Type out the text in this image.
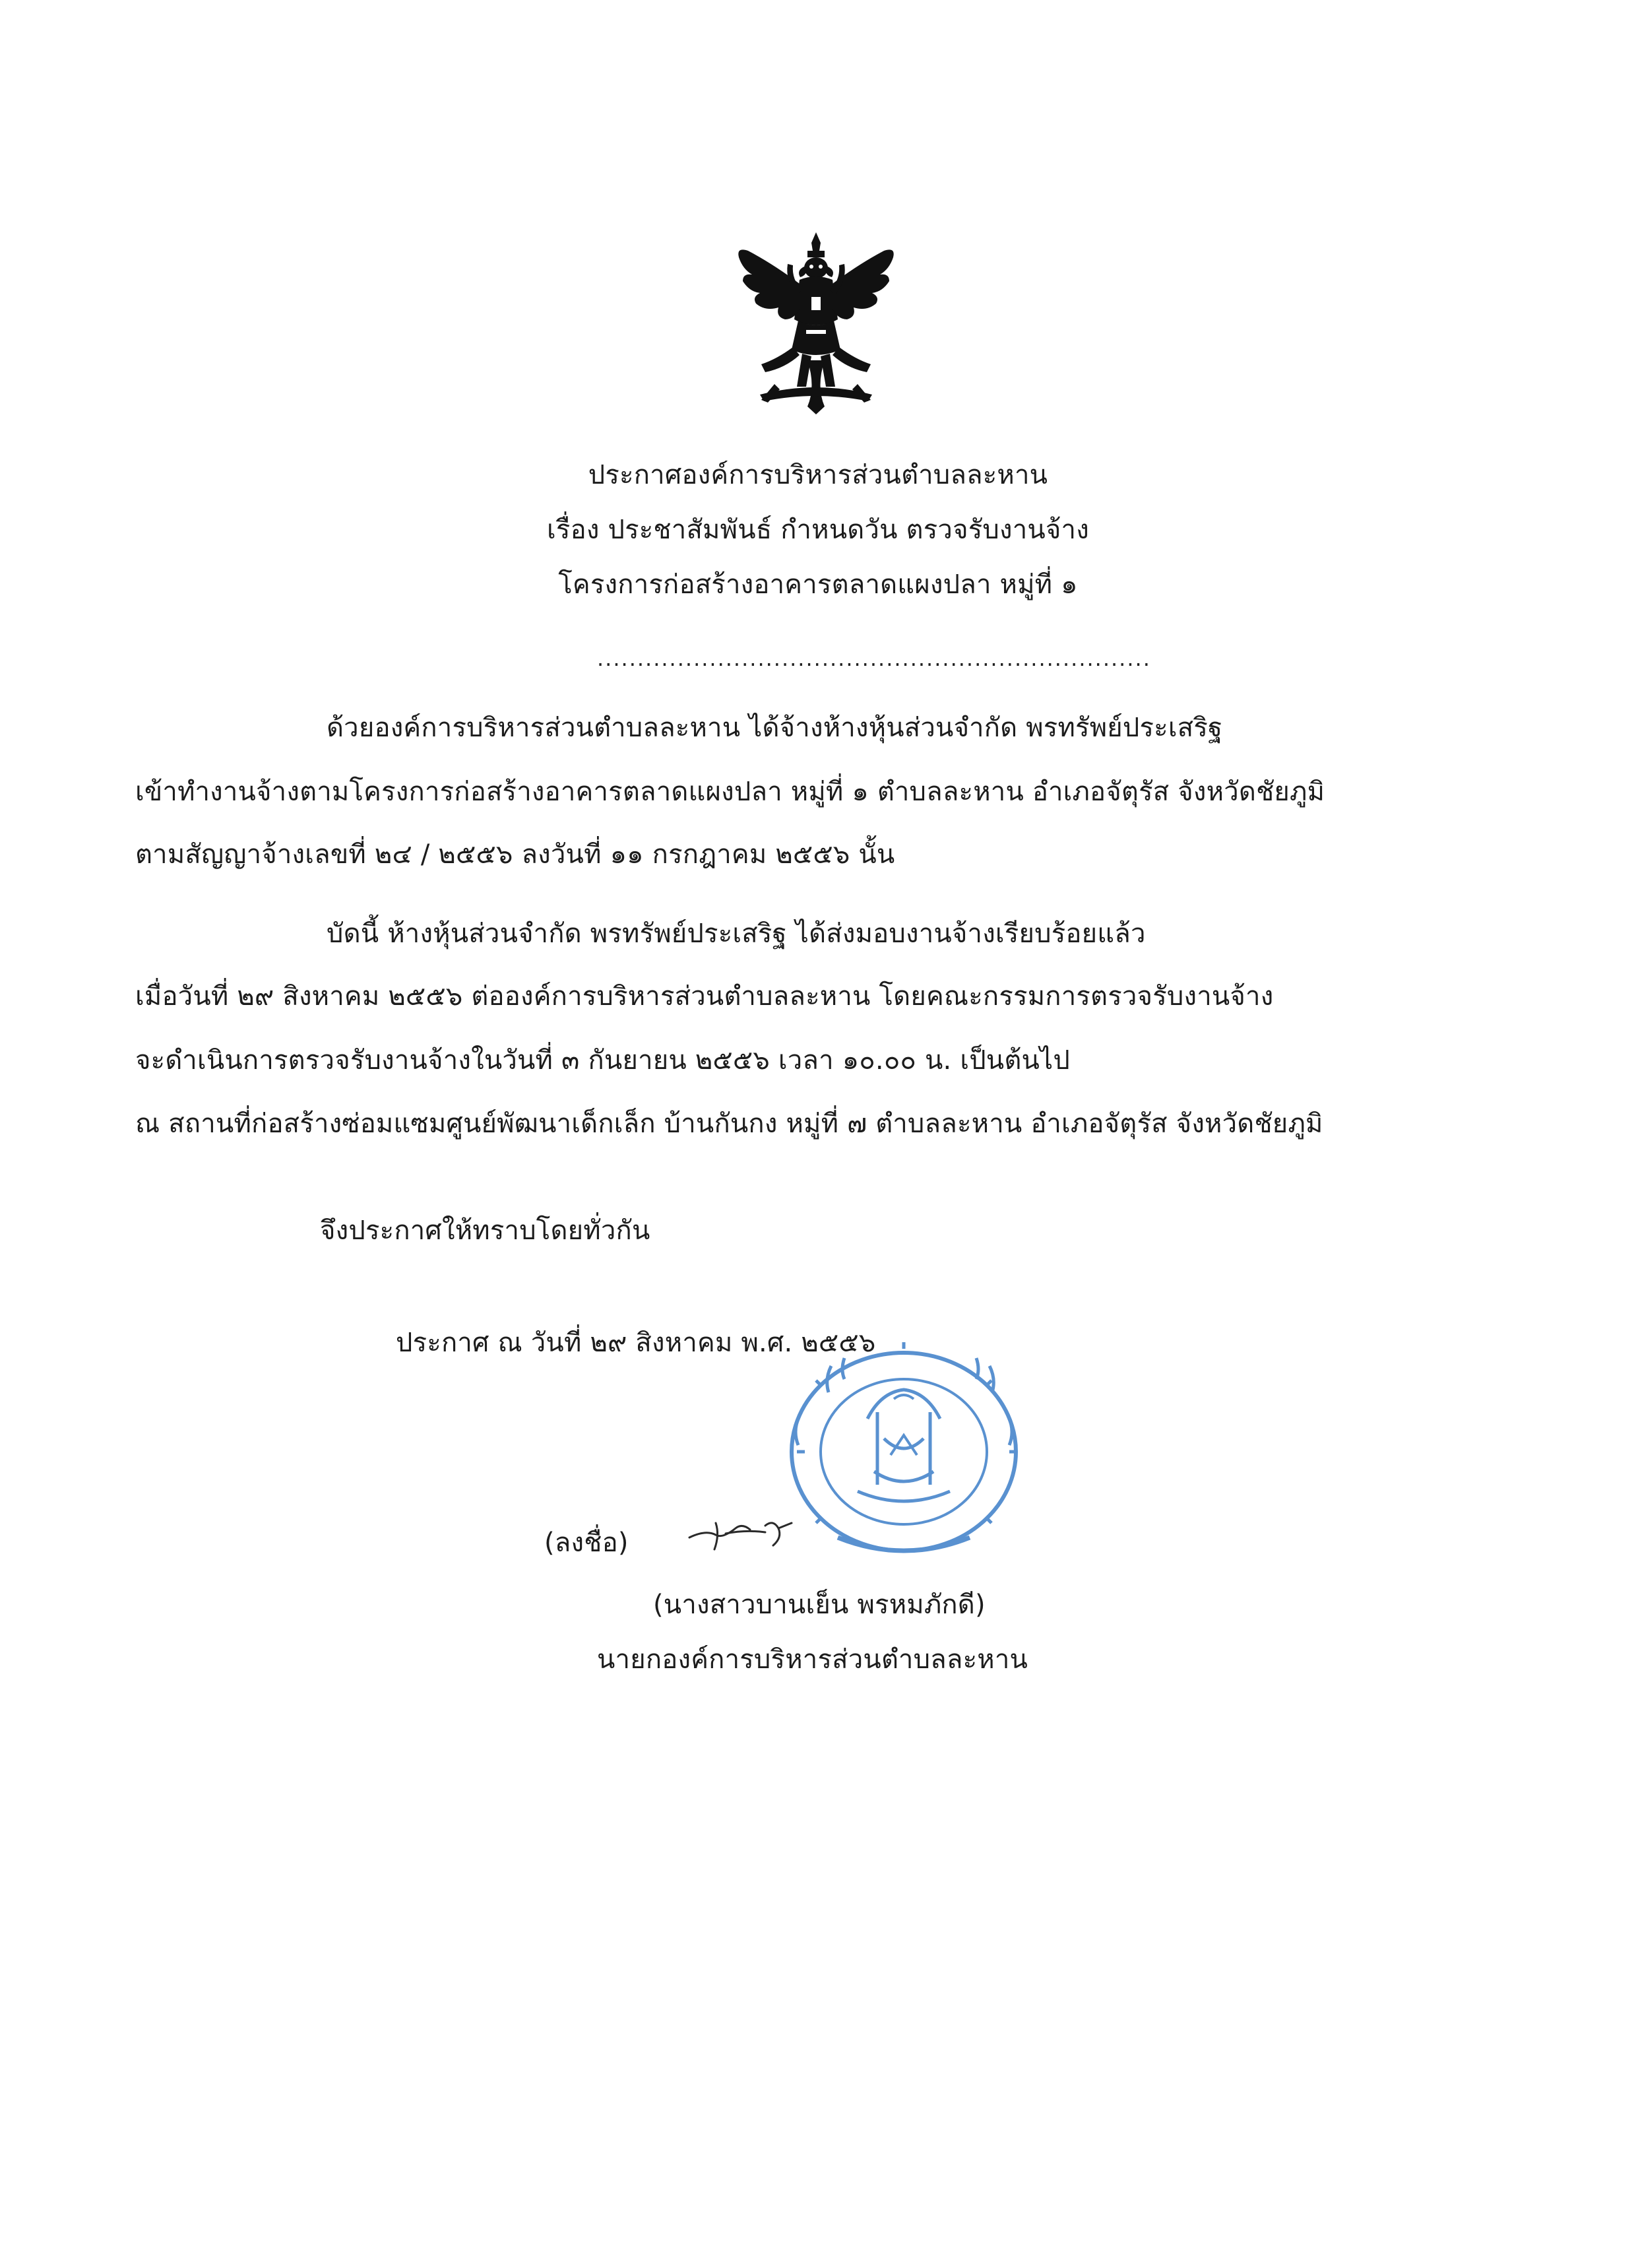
ประกาศองค์การบริหารส่วนตำบลละหาน
เรื่อง ประชาสัมพันธ์ กำหนดวัน ตรวจรับงานจ้าง
โครงการก่อสร้างอาคารตลาดแผงปลา หมู่ที่ ๑
.....................................................................
ด้วยองค์การบริหารส่วนตำบลละหาน ได้จ้างห้างหุ้นส่วนจำกัด พรทรัพย์ประเสริฐ
เข้าทำงานจ้างตามโครงการก่อสร้างอาคารตลาดแผงปลา หมู่ที่ ๑ ตำบลละหาน อำเภอจัตุรัส จังหวัดชัยภูมิ
ตามสัญญาจ้างเลขที่ ๒๔ / ๒๕๕๖ ลงวันที่ ๑๑ กรกฎาคม ๒๕๕๖ นั้น
บัดนี้ ห้างหุ้นส่วนจำกัด พรทรัพย์ประเสริฐ ได้ส่งมอบงานจ้างเรียบร้อยแล้ว
เมื่อวันที่ ๒๙ สิงหาคม ๒๕๕๖ ต่อองค์การบริหารส่วนตำบลละหาน โดยคณะกรรมการตรวจรับงานจ้าง
จะดำเนินการตรวจรับงานจ้างในวันที่ ๓ กันยายน ๒๕๕๖ เวลา ๑๐.๐๐ น. เป็นต้นไป
ณ สถานที่ก่อสร้างซ่อมแซมศูนย์พัฒนาเด็กเล็ก บ้านกันกง หมู่ที่ ๗ ตำบลละหาน อำเภอจัตุรัส จังหวัดชัยภูมิ
จึงประกาศให้ทราบโดยทั่วกัน
ประกาศ ณ วันที่ ๒๙ สิงหาคม พ.ศ. ๒๕๕๖
(ลงชื่อ)
(นางสาวบานเย็น พรหมภักดี)
นายกองค์การบริหารส่วนตำบลละหาน
